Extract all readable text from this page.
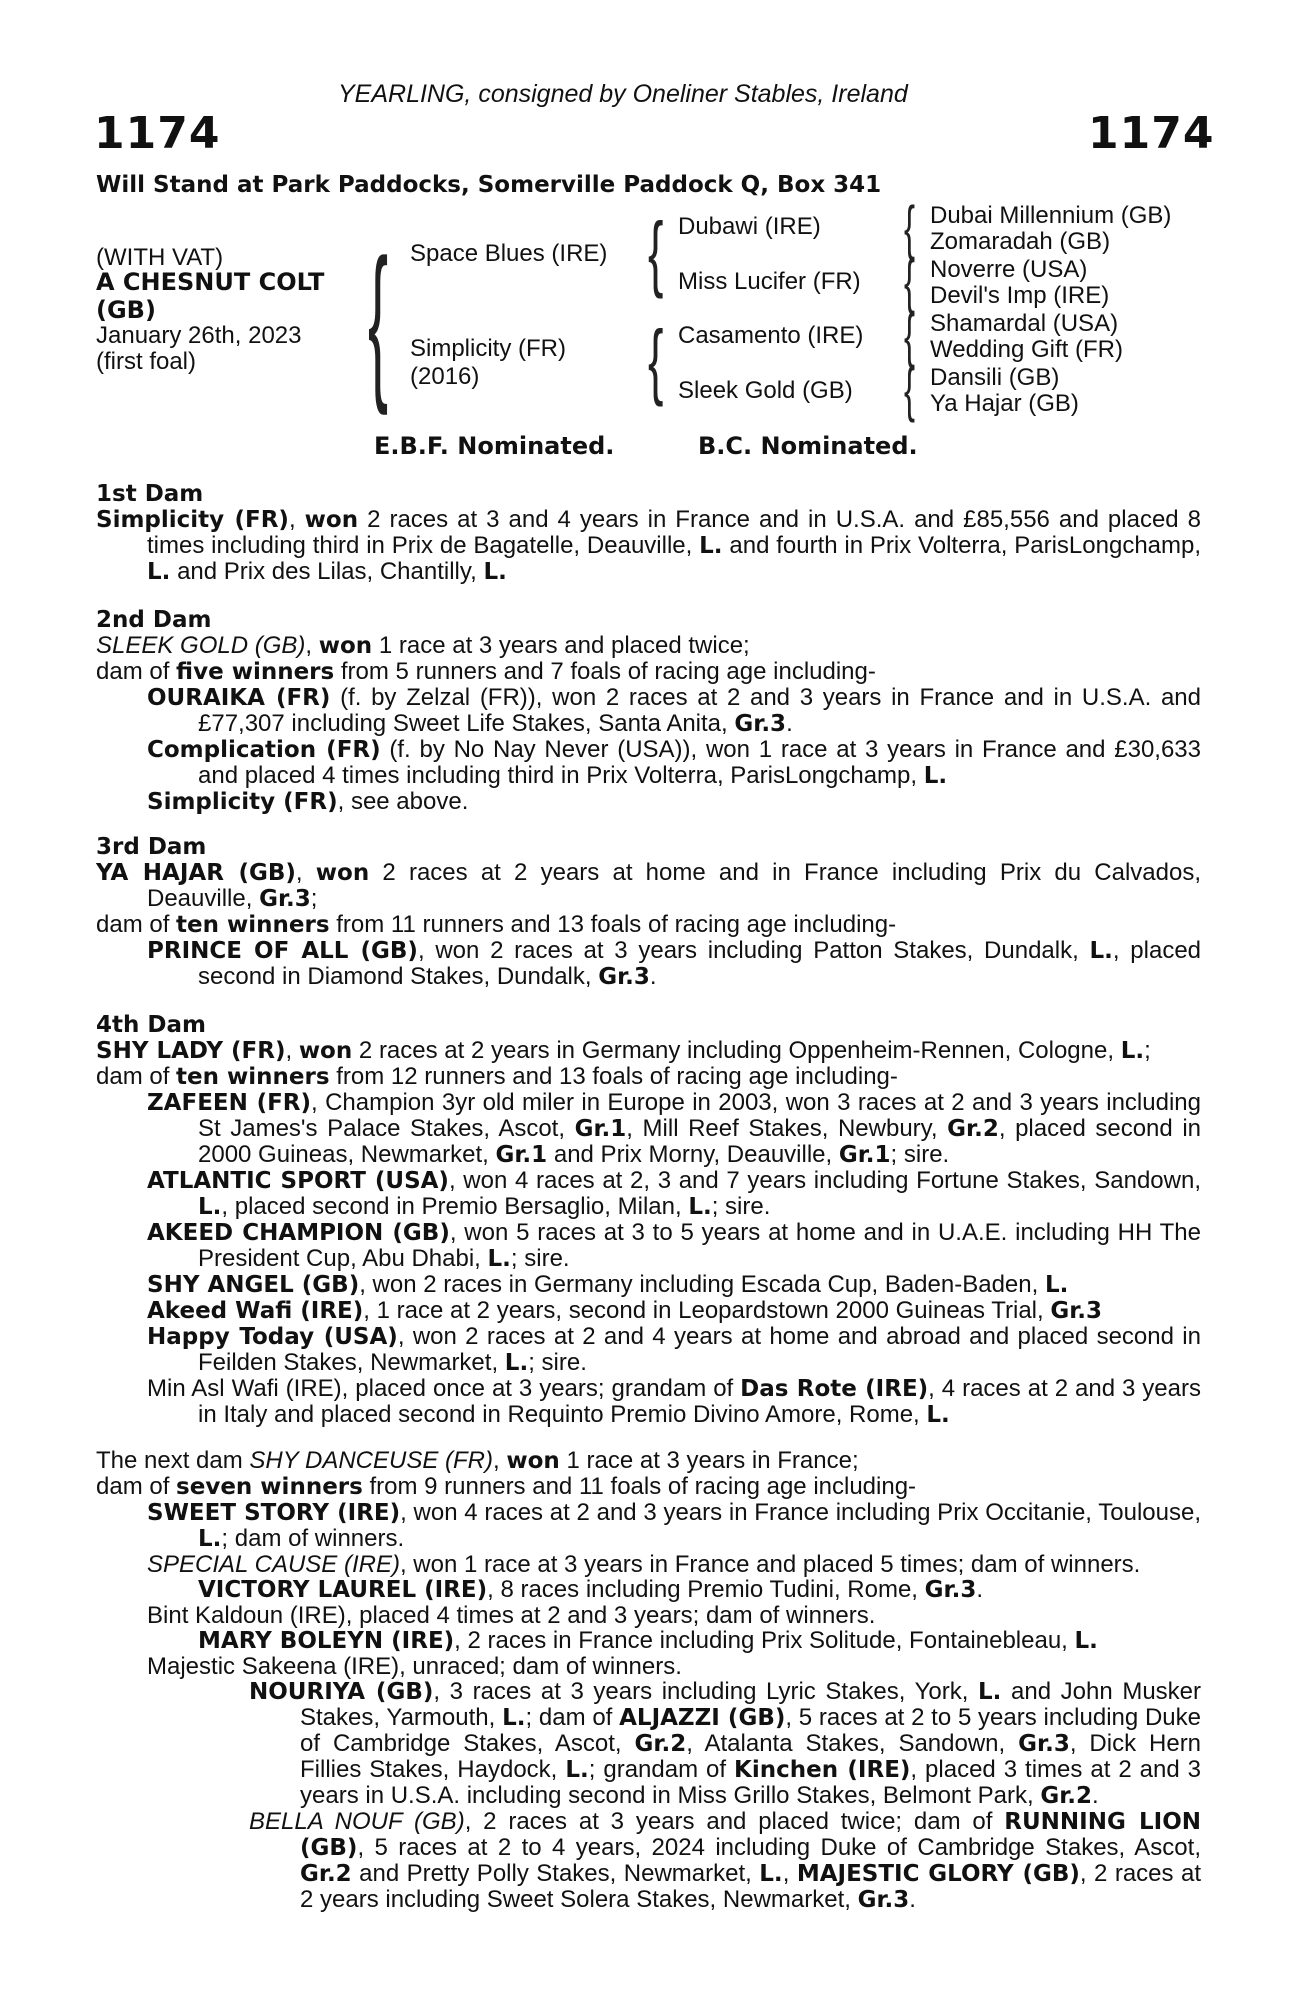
YEARLING, consigned by Oneliner Stables, Ireland
1174	1174
Will Stand at Park Paddocks, Somerville Paddock Q, Box 341
(WITH VAT)
A CHESNUT COLT
(GB)
January 26th, 2023
(first foal) { Space Blues (IRE)
Simplicity (FR)
(2016)
{
{
Dubawi (IRE)
Miss Lucifer (FR)
Casamento (IRE)
Sleek Gold (GB)
{
{
{
{
Dubai Millennium (GB)
Zomaradah (GB)
Noverre (USA)
Devil's Imp (IRE)
Shamardal (USA)
Wedding Gift (FR)
Dansili (GB)
Ya Hajar (GB)
E.B.F. Nominated.	B.C. Nominated.

1st Dam

Simplicity (FR), won 2 races at 3 and 4 years in France and in U.S.A. and £85,556 and placed 8 times including third in Prix de Bagatelle, Deauville, L. and fourth in Prix Volterra, ParisLongchamp, L. and Prix des Lilas, Chantilly, L.

2nd Dam

SLEEK GOLD (GB), won 1 race at 3 years and placed twice;

dam of five winners from 5 runners and 7 foals of racing age including-

OURAIKA (FR) (f. by Zelzal (FR)), won 2 races at 2 and 3 years in France and in U.S.A. and £77,307 including Sweet Life Stakes, Santa Anita, Gr.3.

Complication (FR) (f. by No Nay Never (USA)), won 1 race at 3 years in France and £30,633 and placed 4 times including third in Prix Volterra, ParisLongchamp, L.

Simplicity (FR), see above.

3rd Dam

YA HAJAR (GB), won 2 races at 2 years at home and in France including Prix du Calvados, Deauville, Gr.3;

dam of ten winners from 11 runners and 13 foals of racing age including-

PRINCE OF ALL (GB), won 2 races at 3 years including Patton Stakes, Dundalk, L., placed second in Diamond Stakes, Dundalk, Gr.3.

4th Dam

SHY LADY (FR), won 2 races at 2 years in Germany including Oppenheim-Rennen, Cologne, L.;

dam of ten winners from 12 runners and 13 foals of racing age including-

ZAFEEN (FR), Champion 3yr old miler in Europe in 2003, won 3 races at 2 and 3 years including St James's Palace Stakes, Ascot, Gr.1, Mill Reef Stakes, Newbury, Gr.2, placed second in 2000 Guineas, Newmarket, Gr.1 and Prix Morny, Deauville, Gr.1; sire.

ATLANTIC SPORT (USA), won 4 races at 2, 3 and 7 years including Fortune Stakes, Sandown, L., placed second in Premio Bersaglio, Milan, L.; sire.

AKEED CHAMPION (GB), won 5 races at 3 to 5 years at home and in U.A.E. including HH The President Cup, Abu Dhabi, L.; sire.

SHY ANGEL (GB), won 2 races in Germany including Escada Cup, Baden-Baden, L.

Akeed Wafi (IRE), 1 race at 2 years, second in Leopardstown 2000 Guineas Trial, Gr.3

Happy Today (USA), won 2 races at 2 and 4 years at home and abroad and placed second in Feilden Stakes, Newmarket, L.; sire.

Min Asl Wafi (IRE), placed once at 3 years; grandam of Das Rote (IRE), 4 races at 2 and 3 years in Italy and placed second in Requinto Premio Divino Amore, Rome, L.

The next dam SHY DANCEUSE (FR), won 1 race at 3 years in France;

dam of seven winners from 9 runners and 11 foals of racing age including-

SWEET STORY (IRE), won 4 races at 2 and 3 years in France including Prix Occitanie, Toulouse, L.; dam of winners.

SPECIAL CAUSE (IRE), won 1 race at 3 years in France and placed 5 times; dam of winners.

VICTORY LAUREL (IRE), 8 races including Premio Tudini, Rome, Gr.3.

Bint Kaldoun (IRE), placed 4 times at 2 and 3 years; dam of winners.

MARY BOLEYN (IRE), 2 races in France including Prix Solitude, Fontainebleau, L.

Majestic Sakeena (IRE), unraced; dam of winners.

NOURIYA (GB), 3 races at 3 years including Lyric Stakes, York, L. and John Musker Stakes, Yarmouth, L.; dam of ALJAZZI (GB), 5 races at 2 to 5 years including Duke of Cambridge Stakes, Ascot, Gr.2, Atalanta Stakes, Sandown, Gr.3, Dick Hern Fillies Stakes, Haydock, L.; grandam of Kinchen (IRE), placed 3 times at 2 and 3 years in U.S.A. including second in Miss Grillo Stakes, Belmont Park, Gr.2.

BELLA NOUF (GB), 2 races at 3 years and placed twice; dam of RUNNING LION (GB), 5 races at 2 to 4 years, 2024 including Duke of Cambridge Stakes, Ascot, Gr.2 and Pretty Polly Stakes, Newmarket, L., MAJESTIC GLORY (GB), 2 races at 2 years including Sweet Solera Stakes, Newmarket, Gr.3.
